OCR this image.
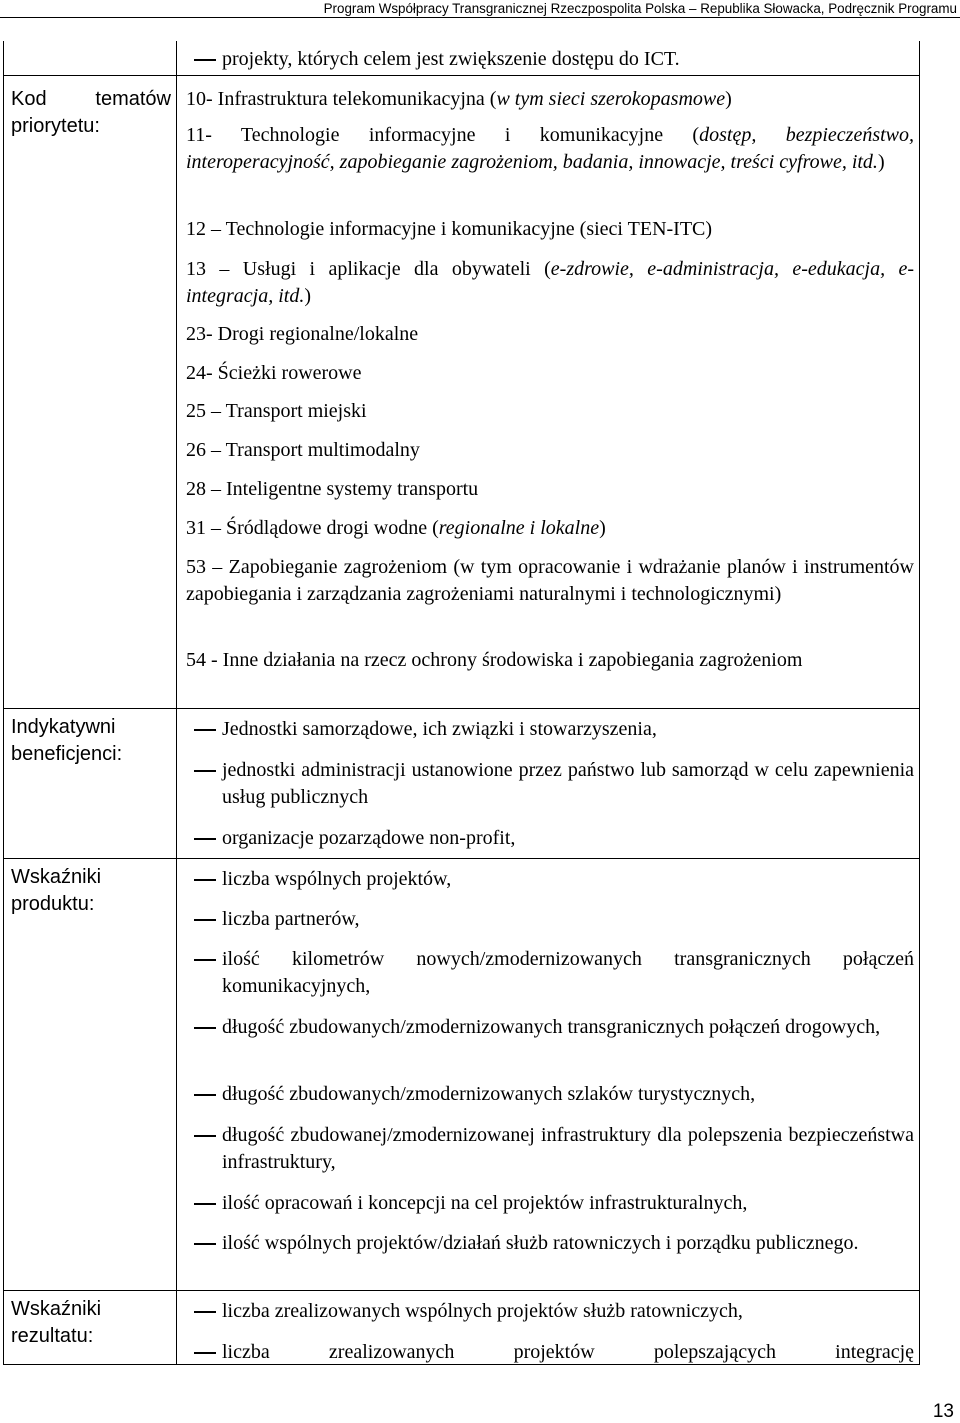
Program Współpracy Transgranicznej Rzeczpospolita Polska – Republika Słowacka, Podręcznik Programu
Kod tematów
priorytetu:
Indykatywni
beneficjenci:
Wskaźniki
produktu:
Wskaźniki
rezultatu:
projekty, których celem jest zwiększenie dostępu do ICT.
10- Infrastruktura telekomunikacyjna (w tym sieci szerokopasmowe)
11- Technologie informacyjne i komunikacyjne (dostęp, bezpieczeństwo, interoperacyjność, zapobieganie zagrożeniom, badania, innowacje, treści cyfrowe, itd.)
12 – Technologie informacyjne i komunikacyjne (sieci TEN-ITC)
13 – Usługi i aplikacje dla obywateli (e-zdrowie, e-administracja, e-edukacja, e-integracja, itd.)
23- Drogi regionalne/lokalne
24- Ścieżki rowerowe
25 – Transport miejski
26 – Transport multimodalny
28 – Inteligentne systemy transportu
31 – Śródlądowe drogi wodne (regionalne i lokalne)
53 – Zapobieganie zagrożeniom (w tym opracowanie i wdrażanie planów i instrumentów zapobiegania i zarządzania zagrożeniami naturalnymi i technologicznymi)
54 - Inne działania na rzecz ochrony środowiska i zapobiegania zagrożeniom
Jednostki samorządowe, ich związki i stowarzyszenia,
jednostki administracji ustanowione przez państwo lub samorząd w celu zapewnienia usług publicznych
organizacje pozarządowe non-profit,
liczba wspólnych projektów,
liczba partnerów,
ilość kilometrów nowych/zmodernizowanych transgranicznych połączeń komunikacyjnych,
długość zbudowanych/zmodernizowanych transgranicznych połączeń drogowych,
długość zbudowanych/zmodernizowanych szlaków turystycznych,
długość zbudowanej/zmodernizowanej infrastruktury dla polepszenia bezpieczeństwa infrastruktury,
ilość opracowań i koncepcji na cel projektów infrastrukturalnych,
ilość wspólnych projektów/działań służb ratowniczych i porządku publicznego.
liczba zrealizowanych wspólnych projektów służb ratowniczych,
liczba zrealizowanych projektów polepszających integrację
13
